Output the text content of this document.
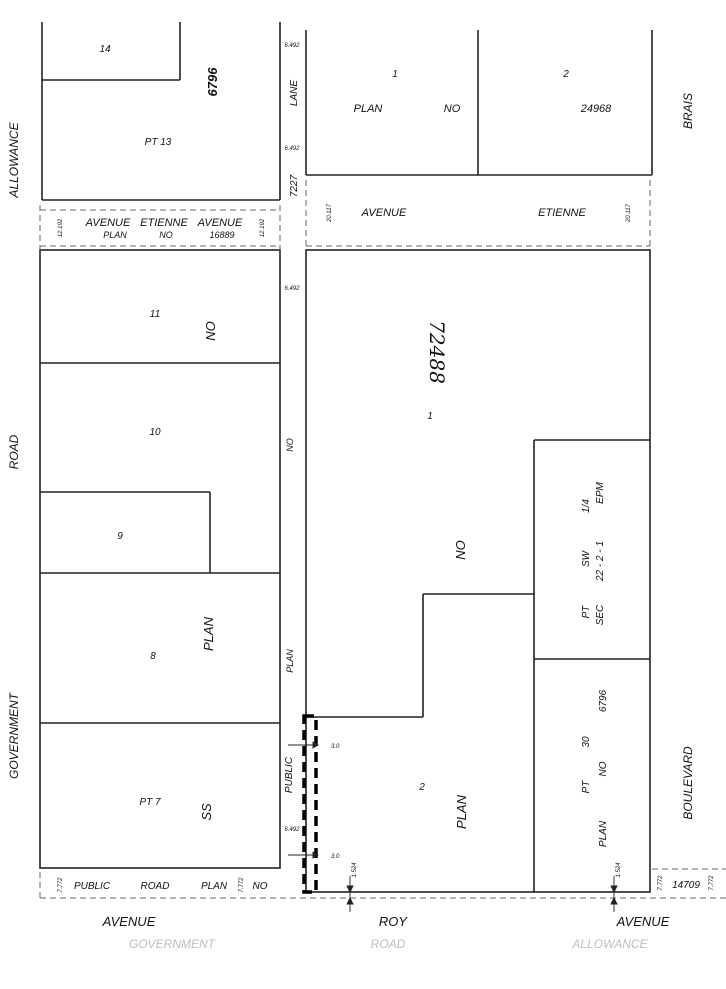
14
PT 13
11
10
9
8
PT 7
1	2
1
2	PT
30
6796
7227
PLAN	NO	24968
PLAN	NO	16889
NO
PLAN
SS
72488
NO
NO
PLAN
PLAN
NO
6796
PLAN
14709
PLAN	NO
PT SEC
SW 22 - 2 - 1
1/4
EPM
ALLOWANCE
ROAD
GOVERNMENT
BRAIS
BOULEVARD
LANE
AVENUE	ETIENNE
AVENUE ETIENNE AVENUE
PUBLIC
PUBLIC	ROAD
AVENUE	ROY	AVENUE
GOVERNMENT	ROAD	ALLOWANCE
6.492
6.492
6.492
6.492
20.117	20.117
12.192	12.192
7.772	7.772	7.772	7.772
3.0
3.0
1.524	1.524
